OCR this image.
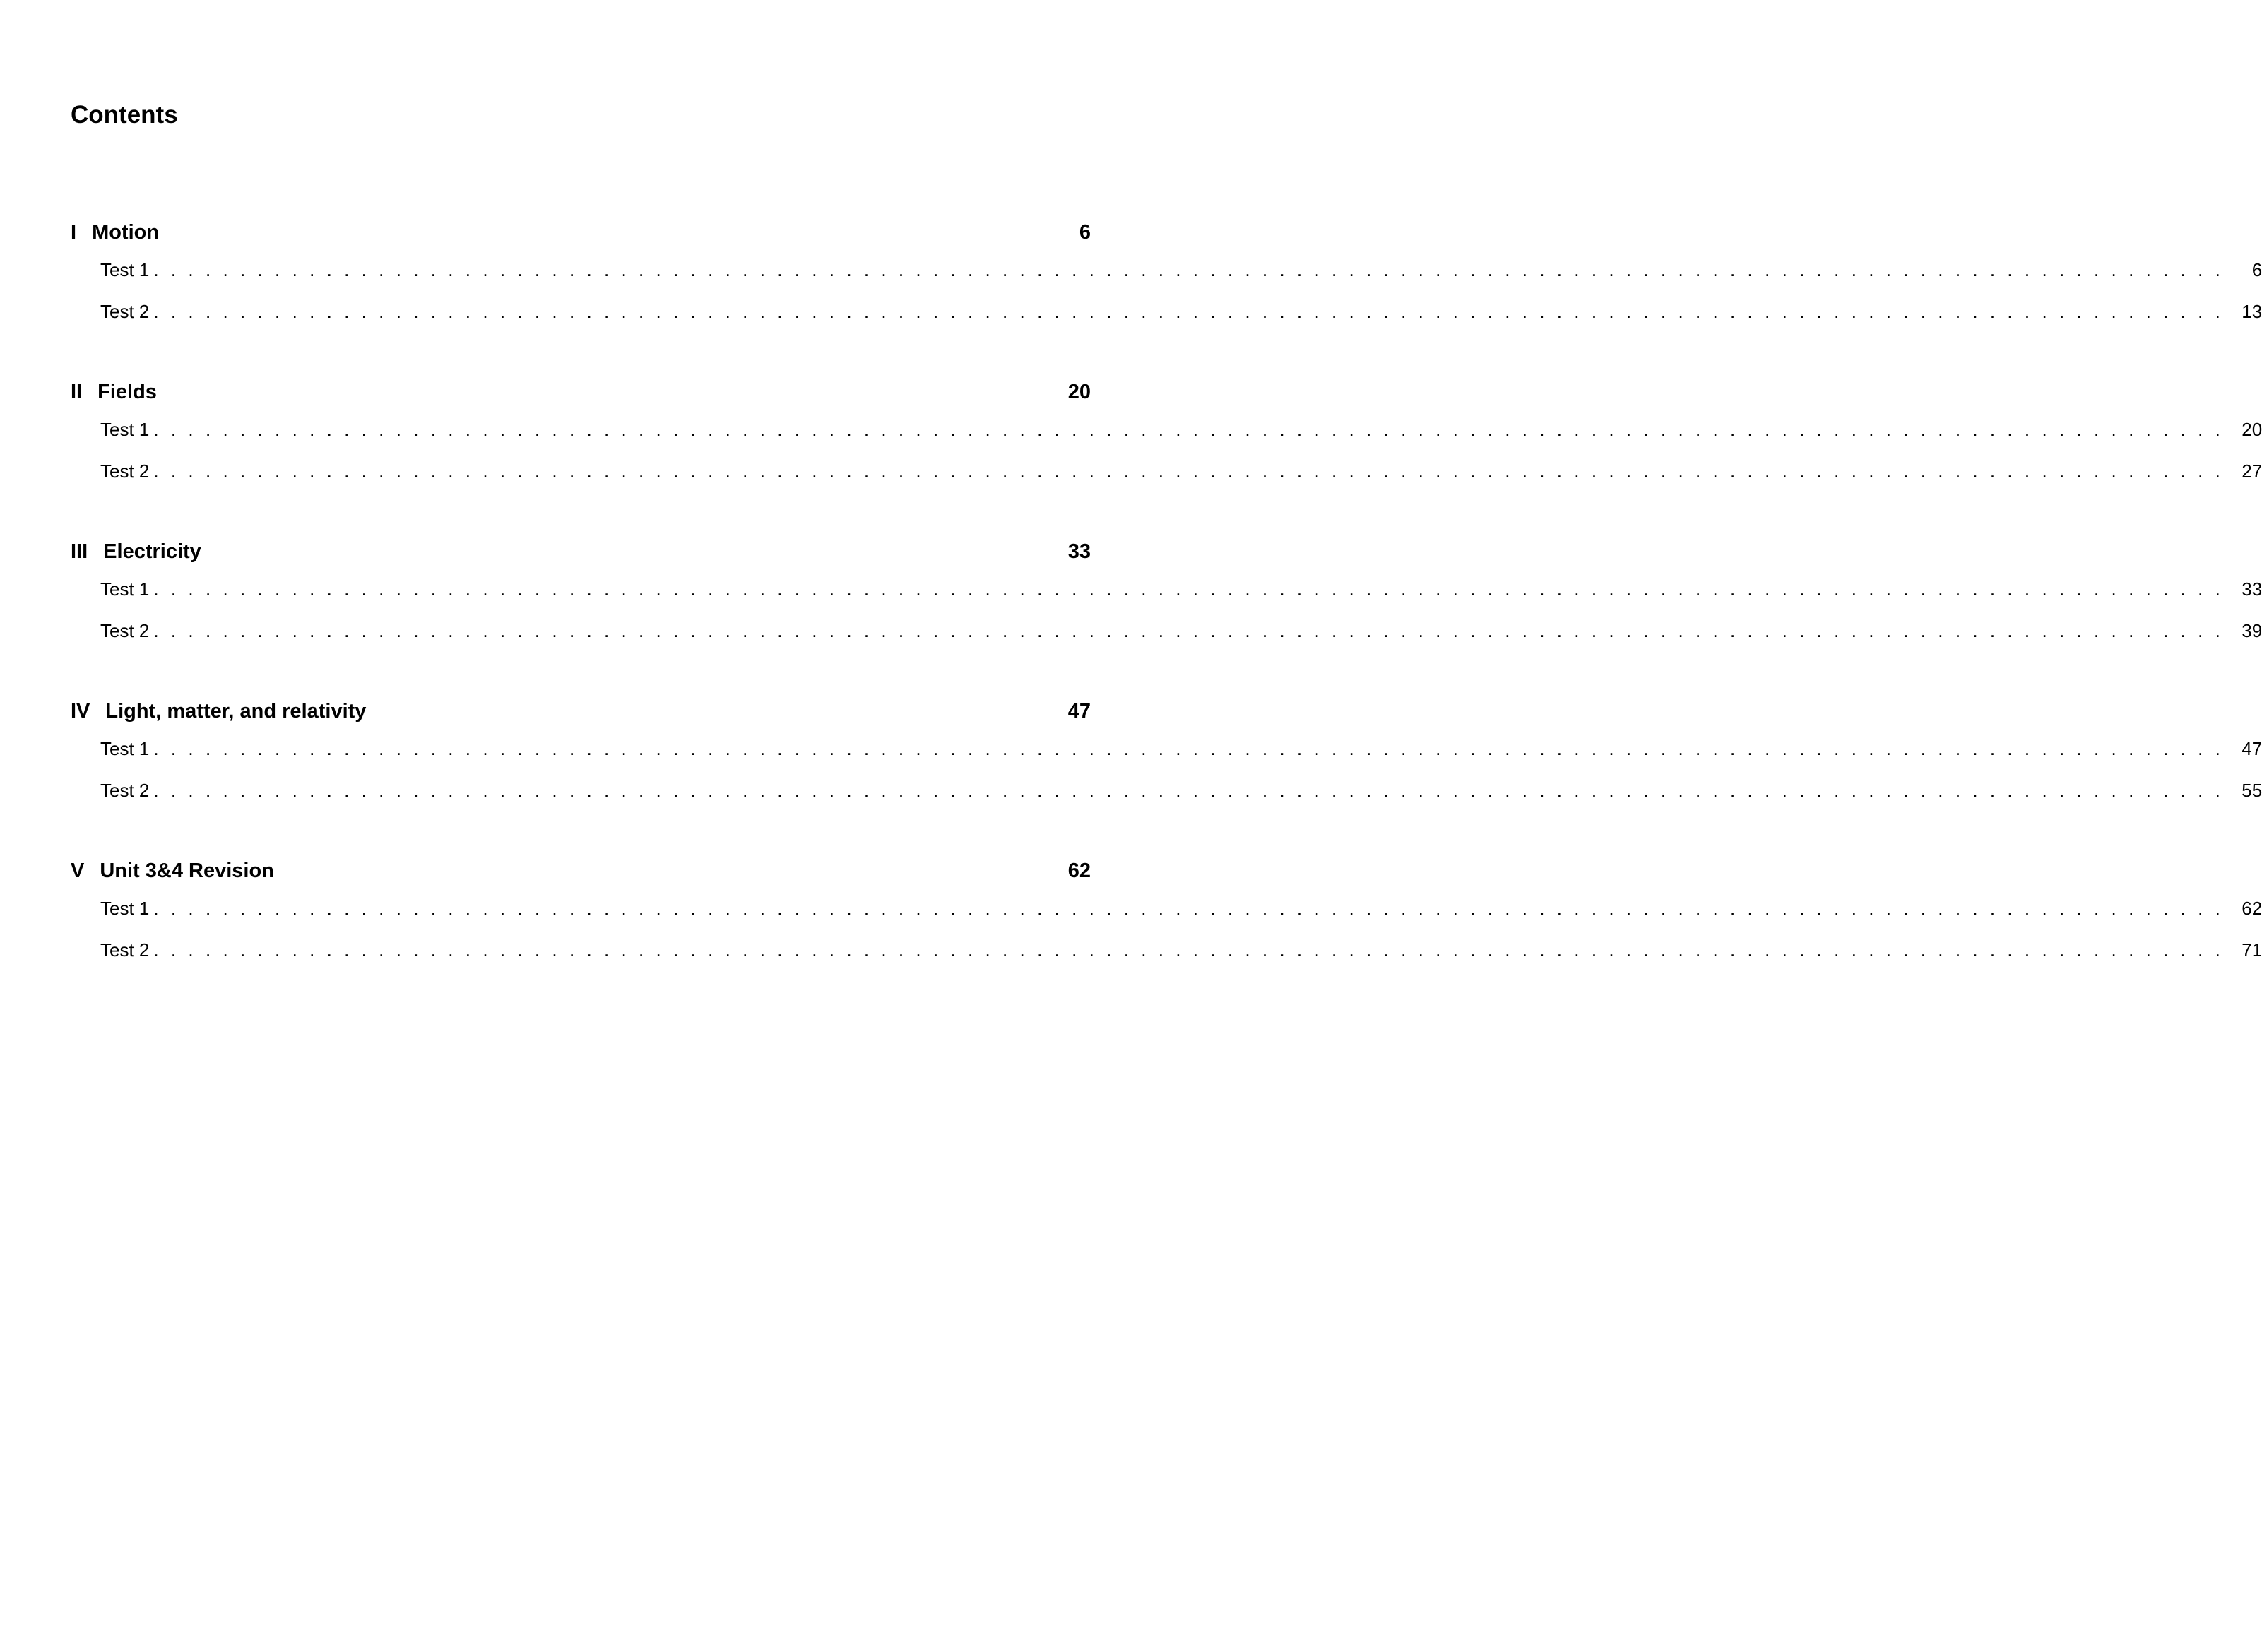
Contents
I Motion	6
Test 1 ........................................................................................................................	6
Test 2 ........................................................................................................................ 13
II Fields	20
Test 1 ........................................................................................................................ 20
Test 2 ........................................................................................................................ 27
III Electricity	33
Test 1 ........................................................................................................................ 33
Test 2 ........................................................................................................................ 39
IV Light, matter, and relativity	47
Test 1 ........................................................................................................................ 47
Test 2 ........................................................................................................................ 55
V Unit 3&4 Revision	62
Test 1 ........................................................................................................................ 62
Test 2 ........................................................................................................................ 71
